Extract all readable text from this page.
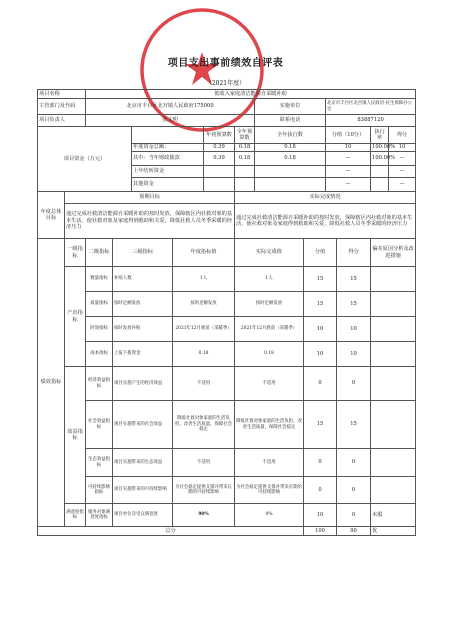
项目支出事前绩效自评表
（2021年度）
项目名称		低收入家庭清洁能源自采暖补助											
主管部门及代码		北京市丰台区北宫镇人民政府175000						实施单位		北京市丰台区北宫镇人民政府-民生保障办公室			
项目负责人		张文明						联系电话		83887120			
项目资金（万元）						年初预算数	全年预算数	全年执行数		分值（10分）		执行率	得分
				年度资金总额：		0.39	0.18	0.18		10		100.00%	10
				其中：当年财政拨款		0.39	0.18	0.18		—		100.00%	—
				上年结转资金						—			—
				其他资金						—			—
年度总体目标	预期目标						实际完成情况						
	通过完成社救清洁能源自采暖补助的按时发放，保障辖区内社救对象的基本生活，使社救对象及家庭得到救助和关爱，降低社救人员冬季采暖的经济压力						通过完成社救清洁能源自采暖补助的按时发放，保障辖区内社救对象的基本生活，使社救对象及家庭得到救助和关爱，降低社救人员冬季采暖的经济压力						
绩效指标	一级指标	二级指标	三级指标		年度指标值		实际完成值		分值		得分	偏差原因分析及改进措施	
	产出指标	数量指标	补贴人数		1人		1人		15		15		
		质量指标	按时足额发放		按时足额发放		按时足额发放		15		15		
		时效指标	按时发放补贴		2021年12月底前（采暖季）		2021年12月底前（采暖季）		10		10		
		成本指标	上报下拨资金		0.18		0.18		10		10		
	效益指标	经济效益指标	项目实施产生的经济效益		不适用		不适用		0		0		
		社会效益指标	项目实施带来的社会效益		降低社救对象家庭的生活负担，改善生活质量，保障社会稳定		降低社救对象家庭的生活负担，改善生活质量，保障社会稳定		15		15		
		生态效益指标	项目实施带来的生态效益		不适用		不适用		0		0		
		可持续影响指标	项目实施带来的可持续影响		为社会稳定提供支撑并带来长期的可持续影响		为社会稳定提供支撑并带来长期的可持续影响		0		0		
	满意度指标	服务对象满意度指标	项目单位及受众满意度		90%		0%		10		0	未服	
总分									100		90	优	
